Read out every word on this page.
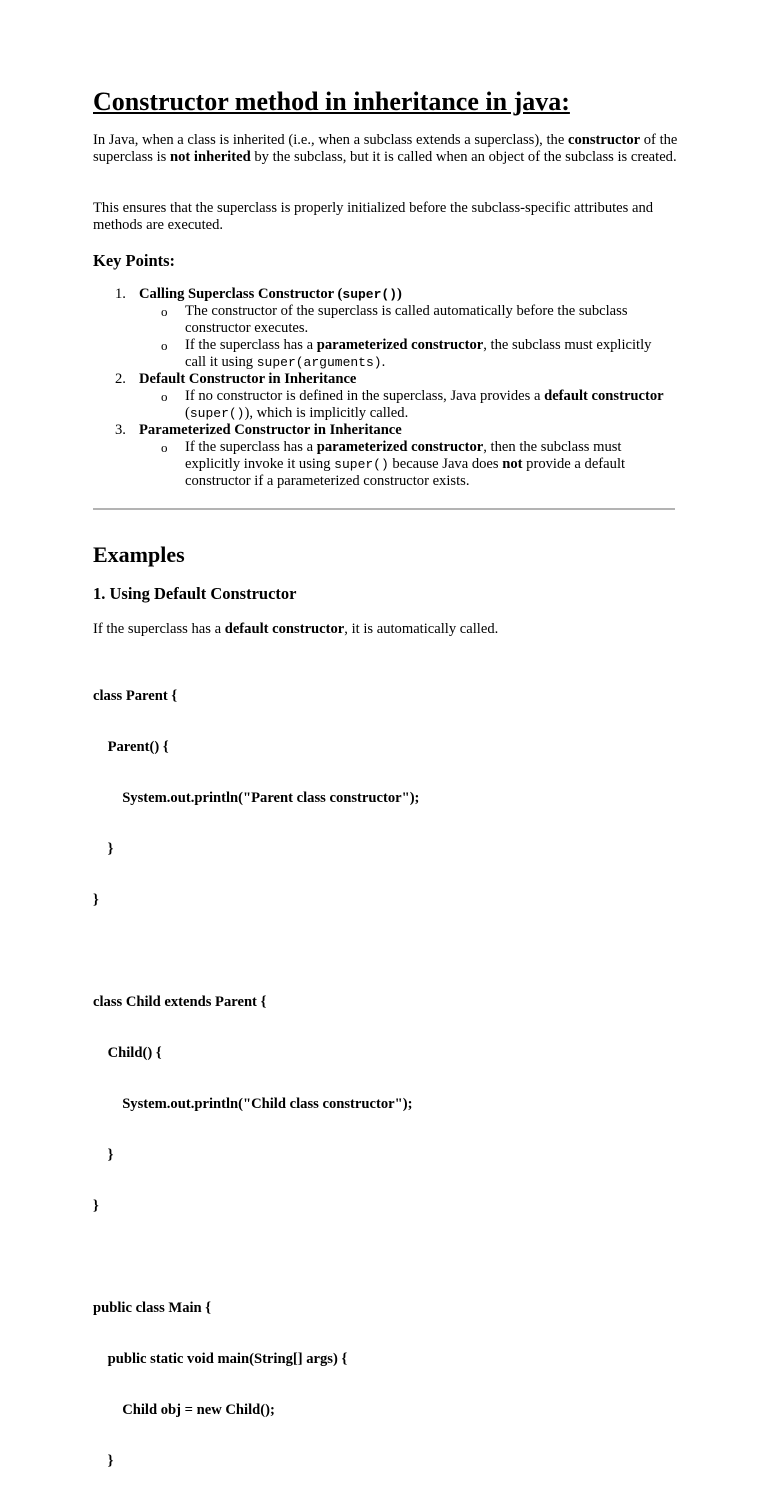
Constructor method in inheritance in java:

In Java, when a class is inherited (i.e., when a subclass extends a superclass), the constructor of the superclass is not inherited by the subclass, but it is called when an object of the subclass is created.

This ensures that the superclass is properly initialized before the subclass-specific attributes and methods are executed.

Key Points:
1. Calling Superclass Constructor (super())
o The constructor of the superclass is called automatically before the subclass constructor executes.
o If the superclass has a parameterized constructor, the subclass must explicitly call it using super(arguments).
2. Default Constructor in Inheritance
o If no constructor is defined in the superclass, Java provides a default constructor (super()), which is implicitly called.
3. Parameterized Constructor in Inheritance
o If the superclass has a parameterized constructor, then the subclass must explicitly invoke it using super() because Java does not provide a default constructor if a parameterized constructor exists.
Examples
1. Using Default Constructor

If the superclass has a default constructor, it is automatically called.

class Parent {

Parent() {

System.out.println("Parent class constructor");

}

}

class Child extends Parent {

Child() {

System.out.println("Child class constructor");

}

}

public class Main {

public static void main(String[] args) {

Child obj = new Child();

}
